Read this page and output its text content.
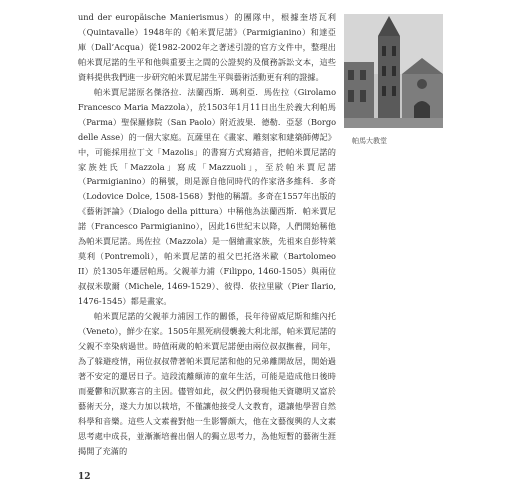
und der europäische Manierismus）的團隊中，根據奎塔瓦利（Quintavalle）1948年的《帕米賈尼諾》（Parmigianino）和達亞庫（Dall’Acqua）從1982-2002年之著述引證的官方文件中，整理出帕米賈尼諾的生平和他與重要主之間的公證契約及償務訴訟文本，這些資料提供我們進一步研究帕米賈尼諾生平與藝術活動更有利的證據。

帕米賈尼諾原名傑洛拉．法蘭西斯．瑪利亞．馬佐拉（Girolamo Francesco Maria Mazzola），於1503年1月11日出生於義大利帕馬（Parma）聖保羅修院（San Paolo）附近波果．德勒．亞瑟（Borgo delle Asse）的一個大家庭。瓦薩里在《畫家、雕刻家和建築師傳記》中，可能採用拉丁文「Mazolis」的書寫方式寫錯音，把帕米賈尼諾的家族姓氏「Mazzola」寫成「Mazzuoli」，至於帕米賈尼諾（Parmigianino）的稱號，則是源自他同時代的作家洛多維科．多奇（Lodovice Dolce, 1508-1568）對他的稱謂。多奇在1557年出版的《藝術評論》（Dialogo della pittura）中稱他為法蘭西斯．帕米賈尼諾（Francesco Parmigianino），因此16世紀末以降，人們開始稱他為帕米賈尼諾。馬佐拉（Mazzola）是一個繪畫家族，先祖來自彭特萊莫利（Pontremoli），帕米賈尼諾的祖父巴托洛米歐（Bartolomeo II）於1305年遷居帕馬。父親菲力浦（Filippo, 1460-1505）與兩位叔叔米歇爾（Michele, 1469-1529）、彼得．依拉里歐（Pier Ilario, 1476-1545）都是畫家。

帕米賈尼諾的父親菲力浦因工作的關係，長年待留威尼斯和維內托（Veneto），鮮少在家。1505年黑死病侵襲義大利北部，帕米賈尼諾的父親不幸染病過世。時值兩歲的帕米賈尼諾便由兩位叔叔撫養，同年，為了躲避疫情，兩位叔叔帶著帕米賈尼諾和他的兄弟離開故居，開始過著不安定的遷居日子。這段流離顛沛的童年生活，可能是造成他日後時而憂鬱和沉默寡言的主因。儘管如此，叔父們仍發現他天資聰明又富於藝術天分，遂大力加以栽培，不僅讓他接受人文教育，還讓他學習自然科學和音樂。這些人文素養對他一生影響頗大，他在文藝復興的人文素思考處中成長，並漸漸培養出個人的獨立思考力，為他短暫的藝術生涯揭開了充滿的

帕馬大教堂
12
